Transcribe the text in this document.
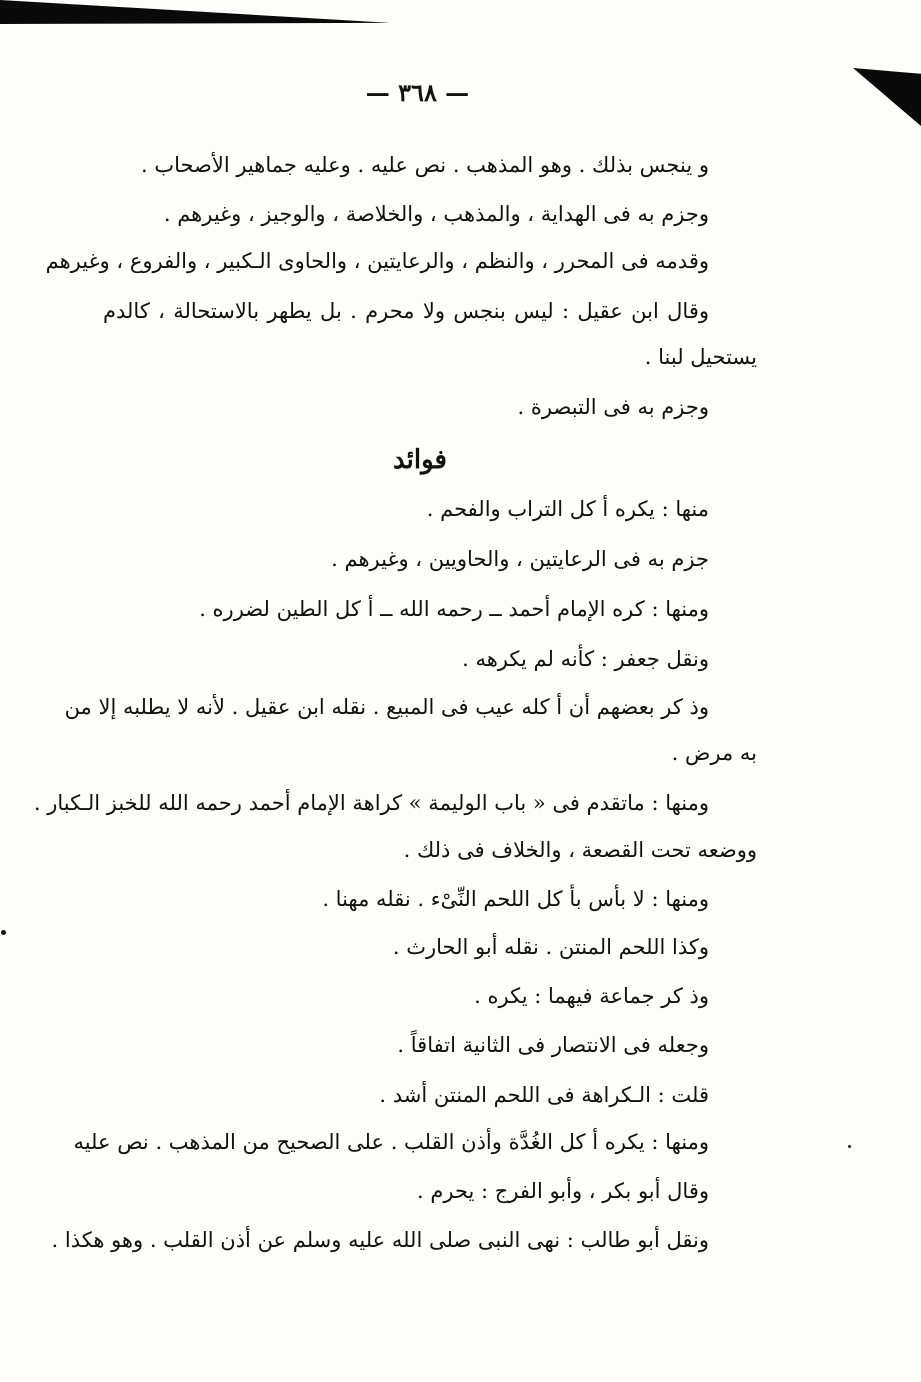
— ٣٦٨ —
و ينجس بذلك . وهو المذهب . نص عليه . وعليه جماهير الأصحاب .
وجزم به فى الهداية ، والمذهب ، والخلاصة ، والوجيز ، وغيرهم .
وقدمه فى المحرر ، والنظم ، والرعايتين ، والحاوى الـكبير ، والفروع ، وغيرهم
وقال ابن عقيل : ليس بنجس ولا محرم . بل يطهر بالاستحالة ، كالدم
يستحيل لبنا .
وجزم به فى التبصرة .
فوائد
منها : يكره أ كل التراب والفحم .
جزم به فى الرعايتين ، والحاويين ، وغيرهم .
ومنها : كره الإمام أحمد ــ رحمه الله ــ أ كل الطين لضرره .
ونقل جعفر : كأنه لم يكرهه .
وذ كر بعضهم أن أ كله عيب فى المبيع . نقله ابن عقيل . لأنه لا يطلبه إلا من
به مرض .
ومنها : ماتقدم فى « باب الوليمة » كراهة الإمام أحمد رحمه الله للخبز الـكبار .
ووضعه تحت القصعة ، والخلاف فى ذلك .
ومنها : لا بأس بأ كل اللحم النِّىْء . نقله مهنا .
وكذا اللحم المنتن . نقله أبو الحارث .
وذ كر جماعة فيهما : يكره .
وجعله فى الانتصار فى الثانية اتفاقاً .
قلت : الـكراهة فى اللحم المنتن أشد .
ومنها : يكره أ كل الغُدَّة وأذن القلب . على الصحيح من المذهب . نص عليه
وقال أبو بكر ، وأبو الفرج : يحرم .
ونقل أبو طالب : نهى النبى صلى الله عليه وسلم عن أذن القلب . وهو هكذا .
